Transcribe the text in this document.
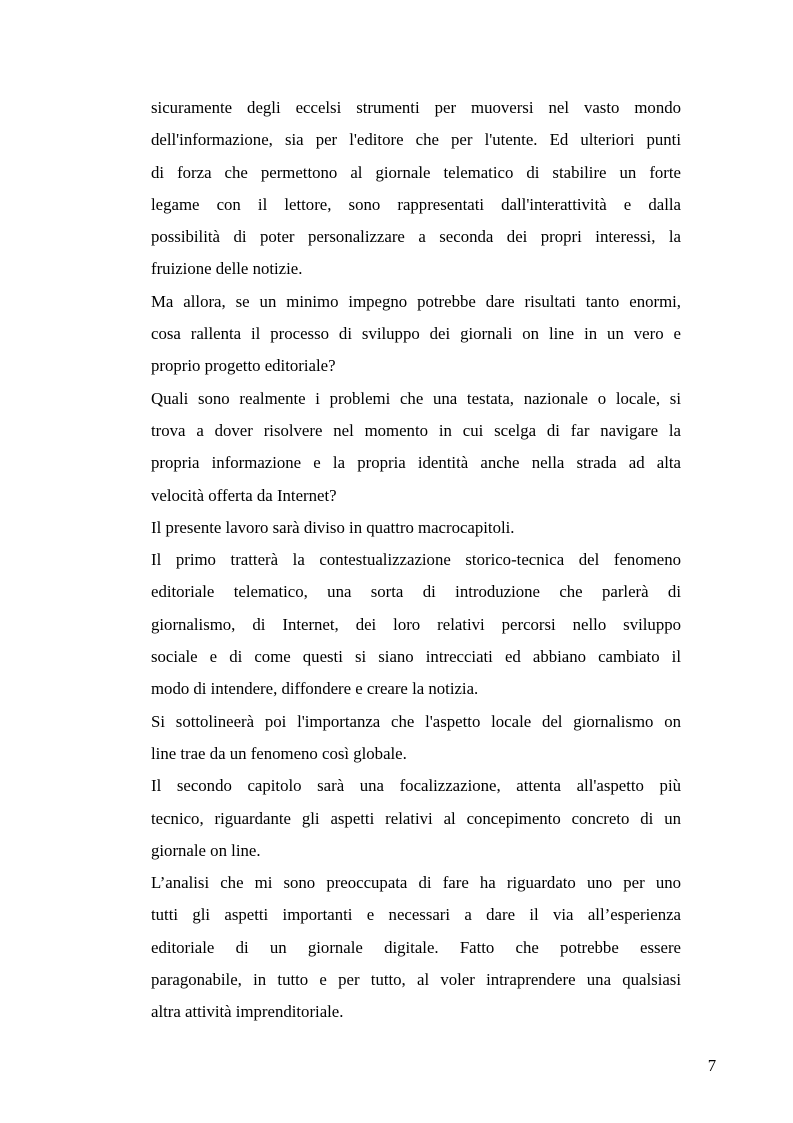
sicuramente degli eccelsi strumenti per muoversi nel vasto mondo
dell'informazione, sia per l'editore che per l'utente. Ed ulteriori punti
di forza che permettono al giornale telematico di stabilire un forte
legame con il lettore, sono rappresentati dall'interattività e dalla
possibilità di poter personalizzare a seconda dei propri interessi, la
fruizione delle notizie.
Ma allora, se un minimo impegno potrebbe dare risultati tanto enormi,
cosa rallenta il processo di sviluppo dei giornali on line in un vero e
proprio progetto editoriale?
Quali sono realmente i problemi che una testata, nazionale o locale, si
trova a dover risolvere nel momento in cui scelga di far navigare la
propria informazione e la propria identità anche nella strada ad alta
velocità offerta da Internet?
Il presente lavoro sarà diviso in quattro macrocapitoli.
Il primo tratterà la contestualizzazione storico-tecnica del fenomeno
editoriale telematico, una sorta di introduzione che parlerà di
giornalismo, di Internet, dei loro relativi percorsi nello sviluppo
sociale e di come questi si siano intrecciati ed abbiano cambiato il
modo di intendere, diffondere e creare la notizia.
Si sottolineerà poi l'importanza che l'aspetto locale del giornalismo on
line trae da un fenomeno così globale.
Il secondo capitolo sarà una focalizzazione, attenta all'aspetto più
tecnico, riguardante gli aspetti relativi al concepimento concreto di un
giornale on line.
L’analisi che mi sono preoccupata di fare ha riguardato uno per uno
tutti gli aspetti importanti e necessari a dare il via all’esperienza
editoriale di un giornale digitale. Fatto che potrebbe essere
paragonabile, in tutto e per tutto, al voler intraprendere una qualsiasi
altra attività imprenditoriale.
7
